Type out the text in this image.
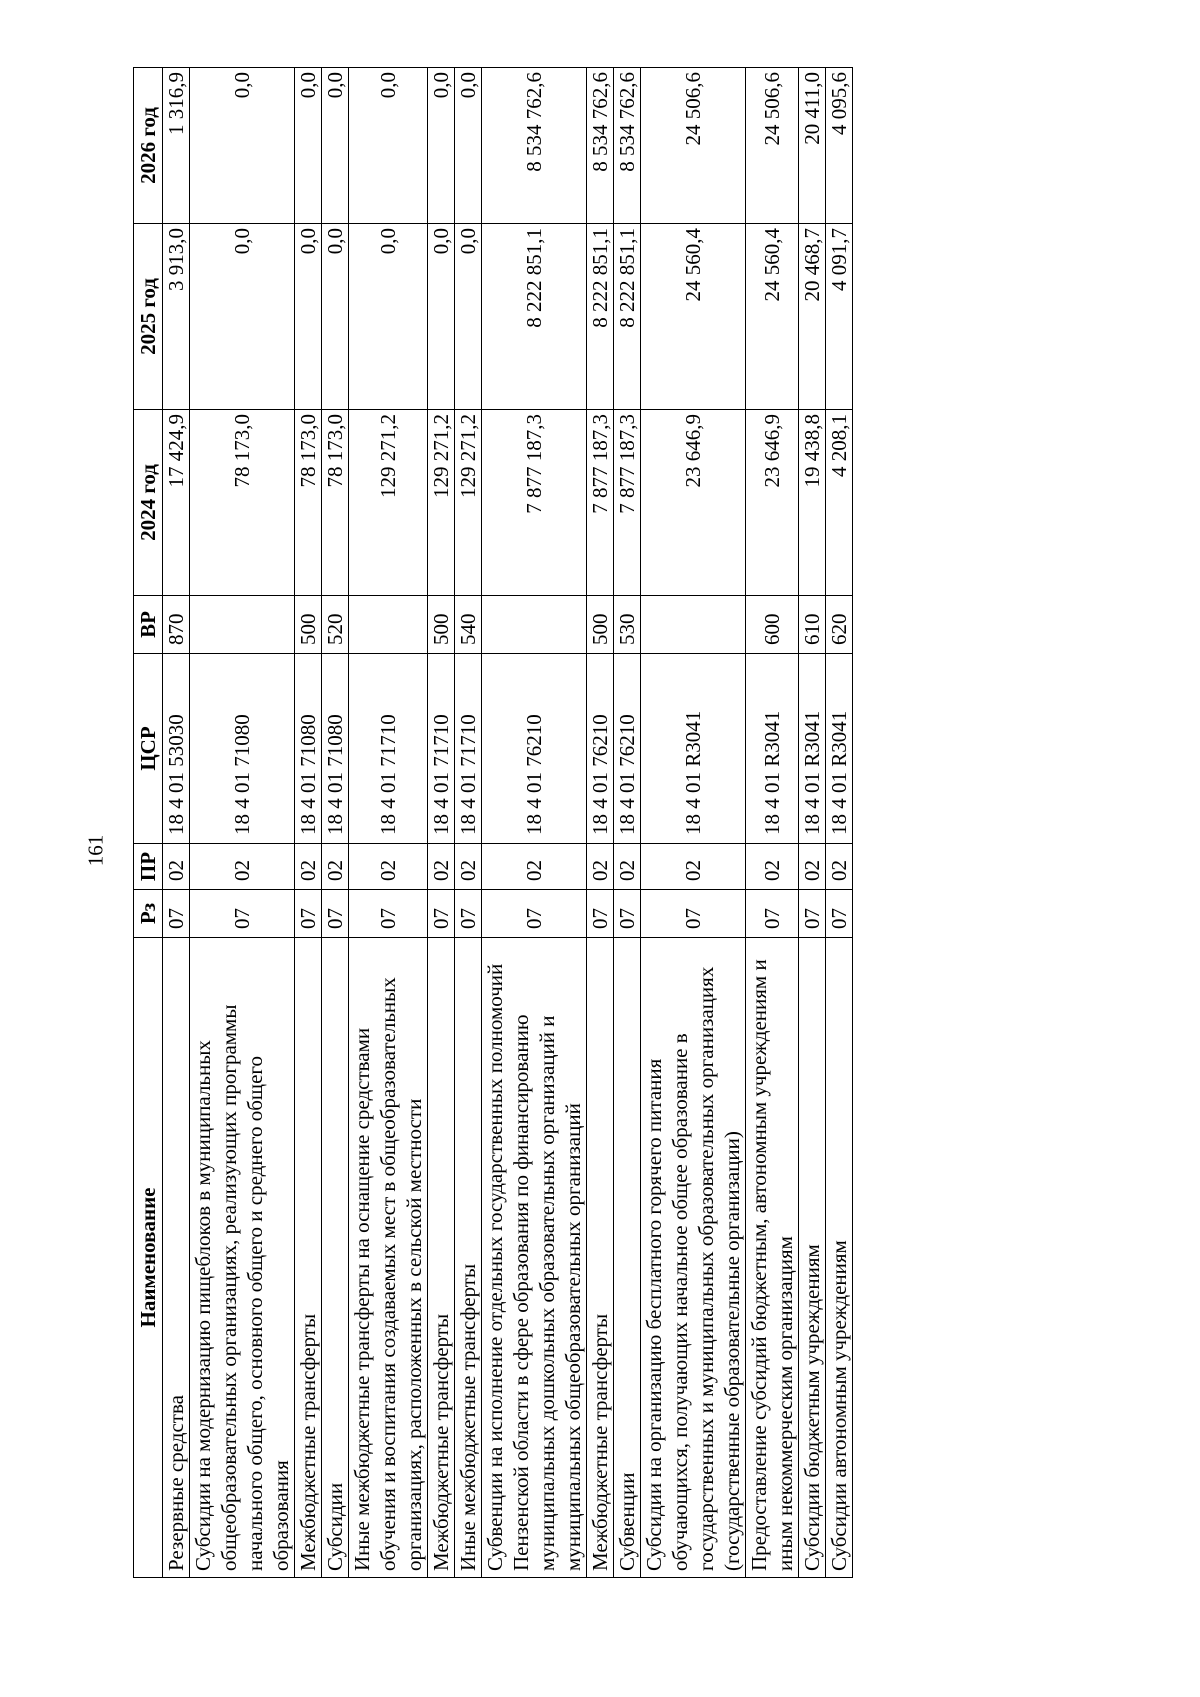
161
Наименование	Рз	ПР	ЦСР	ВР	2024 год	2025 год	2026 год
Резервные средства	07	02	18 4 01 53030	870	17 424,9	3 913,0	1 316,9
Субсидии на модернизацию пищеблоков в муниципальных общеобразовательных организациях, реализующих программы начального общего, основного общего и среднего общего образования	07	02	18 4 01 71080		78 173,0	0,0	0,0
Межбюджетные трансферты	07	02	18 4 01 71080	500	78 173,0	0,0	0,0
Субсидии	07	02	18 4 01 71080	520	78 173,0	0,0	0,0
Иные межбюджетные трансферты на оснащение средствами обучения и воспитания создаваемых мест в общеобразовательных организациях, расположенных в сельской местности	07	02	18 4 01 71710		129 271,2	0,0	0,0
Межбюджетные трансферты	07	02	18 4 01 71710	500	129 271,2	0,0	0,0
Иные межбюджетные трансферты	07	02	18 4 01 71710	540	129 271,2	0,0	0,0
Субвенции на исполнение отдельных государственных полномочий Пензенской области в сфере образования по финансированию муниципальных дошкольных образовательных организаций и муниципальных общеобразовательных организаций	07	02	18 4 01 76210		7 877 187,3	8 222 851,1	8 534 762,6
Межбюджетные трансферты	07	02	18 4 01 76210	500	7 877 187,3	8 222 851,1	8 534 762,6
Субвенции	07	02	18 4 01 76210	530	7 877 187,3	8 222 851,1	8 534 762,6
Субсидии на организацию бесплатного горячего питания обучающихся, получающих начальное общее образование в государственных и муниципальных образовательных организациях (государственные образовательные организации)	07	02	18 4 01 R3041		23 646,9	24 560,4	24 506,6
Предоставление субсидий бюджетным, автономным учреждениям и иным некоммерческим организациям	07	02	18 4 01 R3041	600	23 646,9	24 560,4	24 506,6
Субсидии бюджетным учреждениям	07	02	18 4 01 R3041	610	19 438,8	20 468,7	20 411,0
Субсидии автономным учреждениям	07	02	18 4 01 R3041	620	4 208,1	4 091,7	4 095,6
